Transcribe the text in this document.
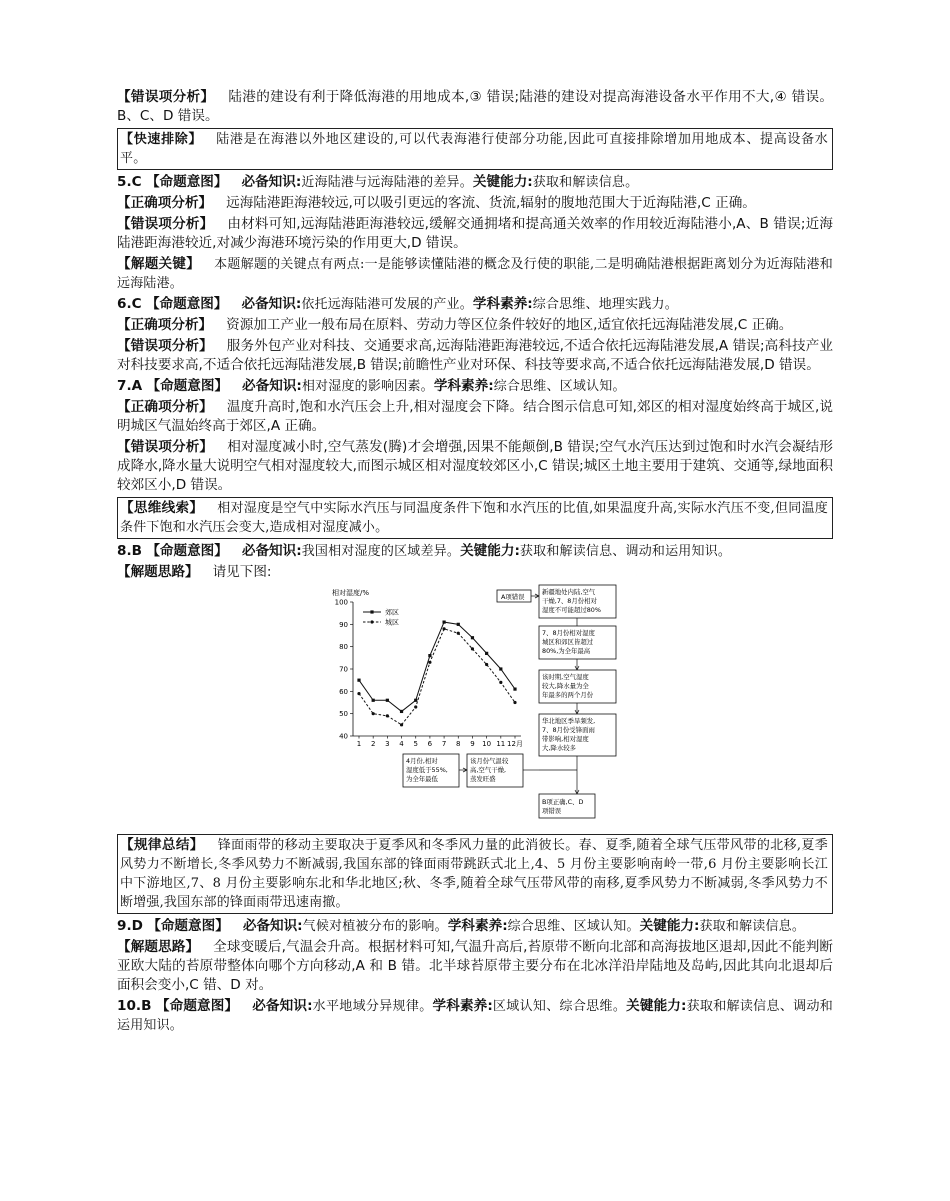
【错误项分析】 陆港的建设有利于降低海港的用地成本,③ 错误;陆港的建设对提高海港设备水平作用不大,④ 错误。B、C、D 错误。

【快速排除】 陆港是在海港以外地区建设的,可以代表海港行使部分功能,因此可直接排除增加用地成本、提高设备水平。

5.C 【命题意图】 必备知识:近海陆港与远海陆港的差异。关键能力:获取和解读信息。

【正确项分析】 远海陆港距海港较远,可以吸引更远的客流、货流,辐射的腹地范围大于近海陆港,C 正确。

【错误项分析】 由材料可知,远海陆港距海港较远,缓解交通拥堵和提高通关效率的作用较近海陆港小,A、B 错误;近海陆港距海港较近,对减少海港环境污染的作用更大,D 错误。

【解题关键】 本题解题的关键点有两点:一是能够读懂陆港的概念及行使的职能,二是明确陆港根据距离划分为近海陆港和远海陆港。

6.C 【命题意图】 必备知识:依托远海陆港可发展的产业。学科素养:综合思维、地理实践力。

【正确项分析】 资源加工产业一般布局在原料、劳动力等区位条件较好的地区,适宜依托远海陆港发展,C 正确。

【错误项分析】 服务外包产业对科技、交通要求高,远海陆港距海港较远,不适合依托远海陆港发展,A 错误;高科技产业对科技要求高,不适合依托远海陆港发展,B 错误;前瞻性产业对环保、科技等要求高,不适合依托远海陆港发展,D 错误。

7.A 【命题意图】 必备知识:相对湿度的影响因素。学科素养:综合思维、区域认知。

【正确项分析】 温度升高时,饱和水汽压会上升,相对湿度会下降。结合图示信息可知,郊区的相对湿度始终高于城区,说明城区气温始终高于郊区,A 正确。

【错误项分析】 相对湿度减小时,空气蒸发(腾)才会增强,因果不能颠倒,B 错误;空气水汽压达到过饱和时水汽会凝结形成降水,降水量大说明空气相对湿度较大,而图示城区相对湿度较郊区小,C 错误;城区土地主要用于建筑、交通等,绿地面积较郊区小,D 错误。

【思维线索】 相对湿度是空气中实际水汽压与同温度条件下饱和水汽压的比值,如果温度升高,实际水汽压不变,但同温度条件下饱和水汽压会变大,造成相对湿度减小。

8.B 【命题意图】 必备知识:我国相对湿度的区域差异。关键能力:获取和解读信息、调动和运用知识。

【解题思路】 请见下图:

相对湿度/%
40
50
60
70
80
90
100
1 2 3 4 5 6 7 8 9 10 11 12月
郊区
城区
A项错误
新疆地处内陆,空气干燥,7、8月份相对湿度不可能超过80%
7、8月份相对湿度城区和郊区皆超过 80%,为全年最高
该时期,空气湿度较大,降水量为全年最多的两个月份
华北地区季旱频发, 7、8月份受锋面雨带影响,相对湿度大,降水较多
4月份,相对湿度低于55%,为全年最低
该月份气温较高,空气干燥,蒸发旺盛
B项正确,C、D 项错误

【规律总结】 锋面雨带的移动主要取决于夏季风和冬季风力量的此消彼长。春、夏季,随着全球气压带风带的北移,夏季风势力不断增长,冬季风势力不断减弱,我国东部的锋面雨带跳跃式北上,4、5 月份主要影响南岭一带,6 月份主要影响长江中下游地区,7、8 月份主要影响东北和华北地区;秋、冬季,随着全球气压带风带的南移,夏季风势力不断减弱,冬季风势力不断增强,我国东部的锋面雨带迅速南撤。

9.D 【命题意图】 必备知识:气候对植被分布的影响。学科素养:综合思维、区域认知。关键能力:获取和解读信息。

【解题思路】 全球变暖后,气温会升高。根据材料可知,气温升高后,苔原带不断向北部和高海拔地区退却,因此不能判断亚欧大陆的苔原带整体向哪个方向移动,A 和 B 错。北半球苔原带主要分布在北冰洋沿岸陆地及岛屿,因此其向北退却后面积会变小,C 错、D 对。

10.B 【命题意图】 必备知识:水平地域分异规律。学科素养:区域认知、综合思维。关键能力:获取和解读信息、调动和运用知识。
